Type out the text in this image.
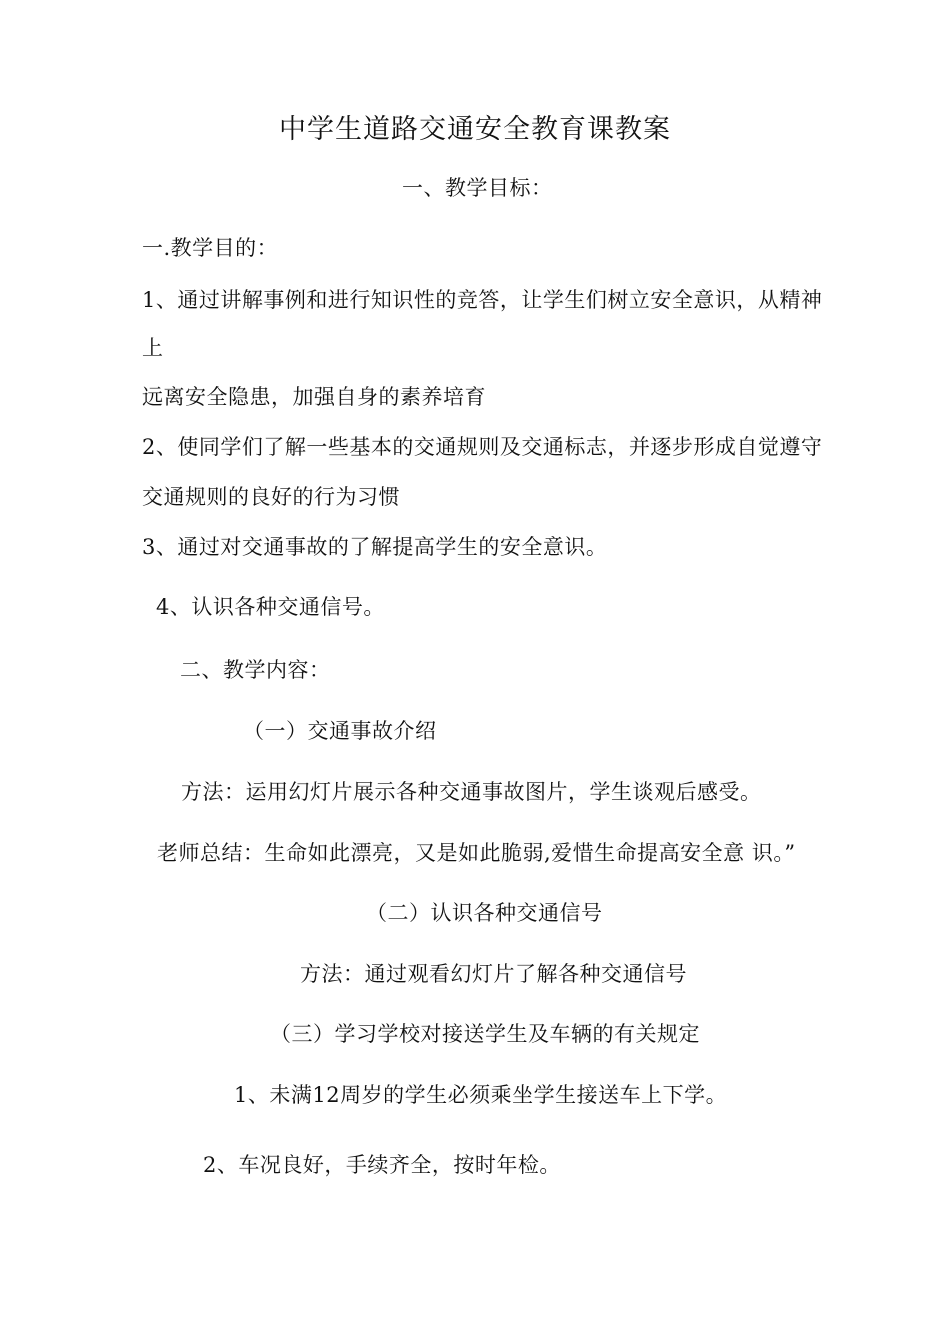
中学生道路交通安全教育课教案
一、教学目标：
一.教学目的：
1、通过讲解事例和进行知识性的竞答，让学生们树立安全意识，从精神
上
远离安全隐患，加强自身的素养培育
2、使同学们了解一些基本的交通规则及交通标志，并逐步形成自觉遵守
交通规则的良好的行为习惯
3、通过对交通事故的了解提高学生的安全意识。
4、认识各种交通信号。
二、教学内容：
（一）交通事故介绍
方法：运用幻灯片展示各种交通事故图片，学生谈观后感受。
老师总结：生命如此漂亮，又是如此脆弱,爱惜生命提高安全意 识。”
（二）认识各种交通信号
方法：通过观看幻灯片了解各种交通信号
（三）学习学校对接送学生及车辆的有关规定
1、未满12周岁的学生必须乘坐学生接送车上下学。
2、车况良好，手续齐全，按时年检。
